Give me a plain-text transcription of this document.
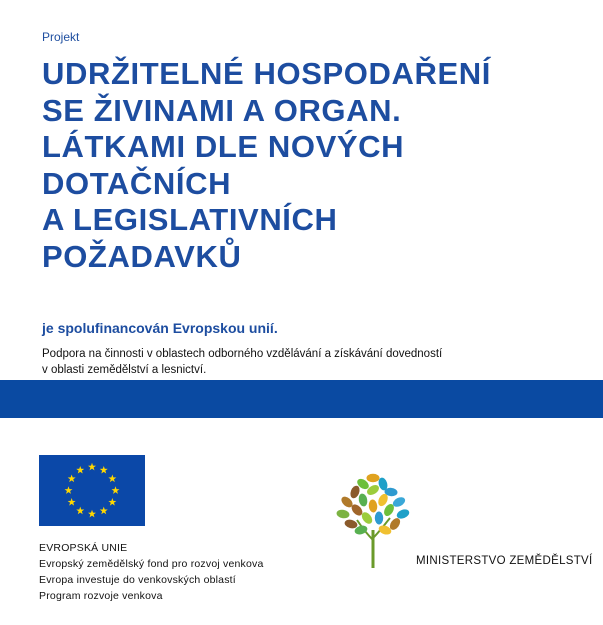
Projekt
UDRŽITELNÉ HOSPODAŘENÍ
SE ŽIVINAMI A ORGAN.
LÁTKAMI DLE NOVÝCH
DOTAČNÍCH
A LEGISLATIVNÍCH
POŽADAVKŮ
je spolufinancován Evropskou unií.
Podpora na činnosti v oblastech odborného vzdělávání a získávání dovedností
v oblasti zemědělství a lesnictví.
EVROPSKÁ UNIE
Evropský zemědělský fond pro rozvoj venkova
Evropa investuje do venkovských oblastí
Program rozvoje venkova
MINISTERSTVO ZEMĚDĚLSTVÍ
